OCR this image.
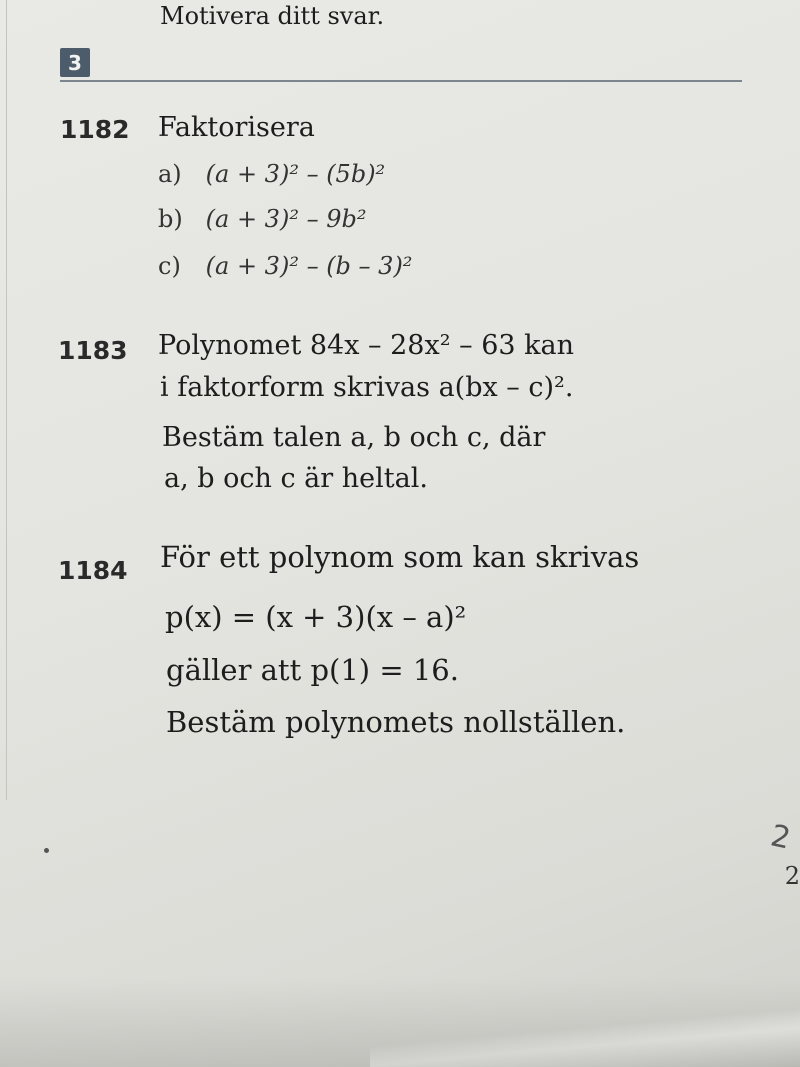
Motivera ditt svar.
3
1182 Faktorisera
a) (a + 3)² – (5b)²
b) (a + 3)² – 9b²
c) (a + 3)² – (b – 3)²
1183 Polynomet 84x – 28x² – 63 kan
i faktorform skrivas a(bx – c)².
Bestäm talen a, b och c, där
a, b och c är heltal.
1184 För ett polynom som kan skrivas
p(x) = (x + 3)(x – a)²
gäller att p(1) = 16.
Bestäm polynomets nollställen.
2
2
